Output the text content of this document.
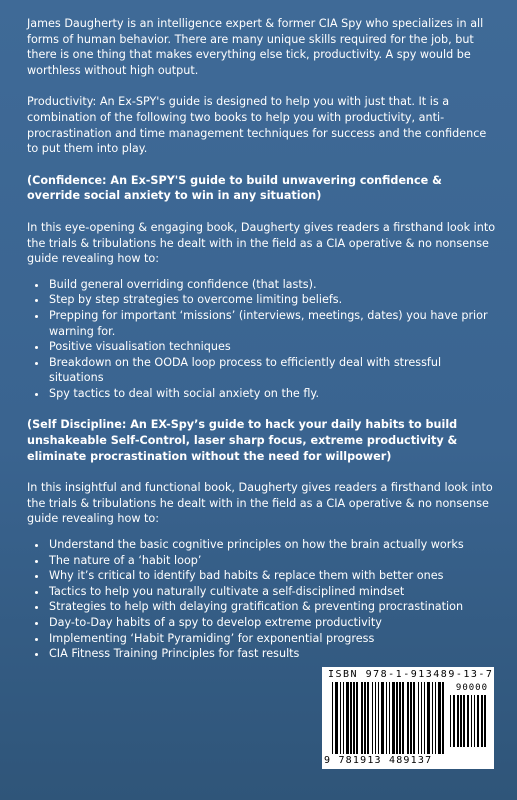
James Daugherty is an intelligence expert & former CIA Spy who specializes in all forms of human behavior. There are many unique skills required for the job, but there is one thing that makes everything else tick, productivity. A spy would be worthless without high output.

Productivity: An Ex-SPY's guide is designed to help you with just that. It is a combination of the following two books to help you with productivity, anti-procrastination and time management techniques for success and the confidence to put them into play.

(Confidence: An Ex-SPY'S guide to build unwavering confidence & override social anxiety to win in any situation)

In this eye-opening & engaging book, Daugherty gives readers a firsthand look into the trials & tribulations he dealt with in the field as a CIA operative & no nonsense guide revealing how to:

• Build general overriding confidence (that lasts).
• Step by step strategies to overcome limiting beliefs.
• Prepping for important ‘missions’ (interviews, meetings, dates) you have prior warning for.
• Positive visualisation techniques
• Breakdown on the OODA loop process to efficiently deal with stressful situations
• Spy tactics to deal with social anxiety on the fly.

(Self Discipline: An EX-Spy’s guide to hack your daily habits to build unshakeable Self-Control, laser sharp focus, extreme productivity & eliminate procrastination without the need for willpower)

In this insightful and functional book, Daugherty gives readers a firsthand look into the trials & tribulations he dealt with in the field as a CIA operative & no nonsense guide revealing how to:

• Understand the basic cognitive principles on how the brain actually works
• The nature of a ‘habit loop’
• Why it’s critical to identify bad habits & replace them with better ones
• Tactics to help you naturally cultivate a self-disciplined mindset
• Strategies to help with delaying gratification & preventing procrastination
• Day-to-Day habits of a spy to develop extreme productivity
• Implementing ‘Habit Pyramiding’ for exponential progress
• CIA Fitness Training Principles for fast results
ISBN 978-1-913489-13-7
90000
9 781913 489137
